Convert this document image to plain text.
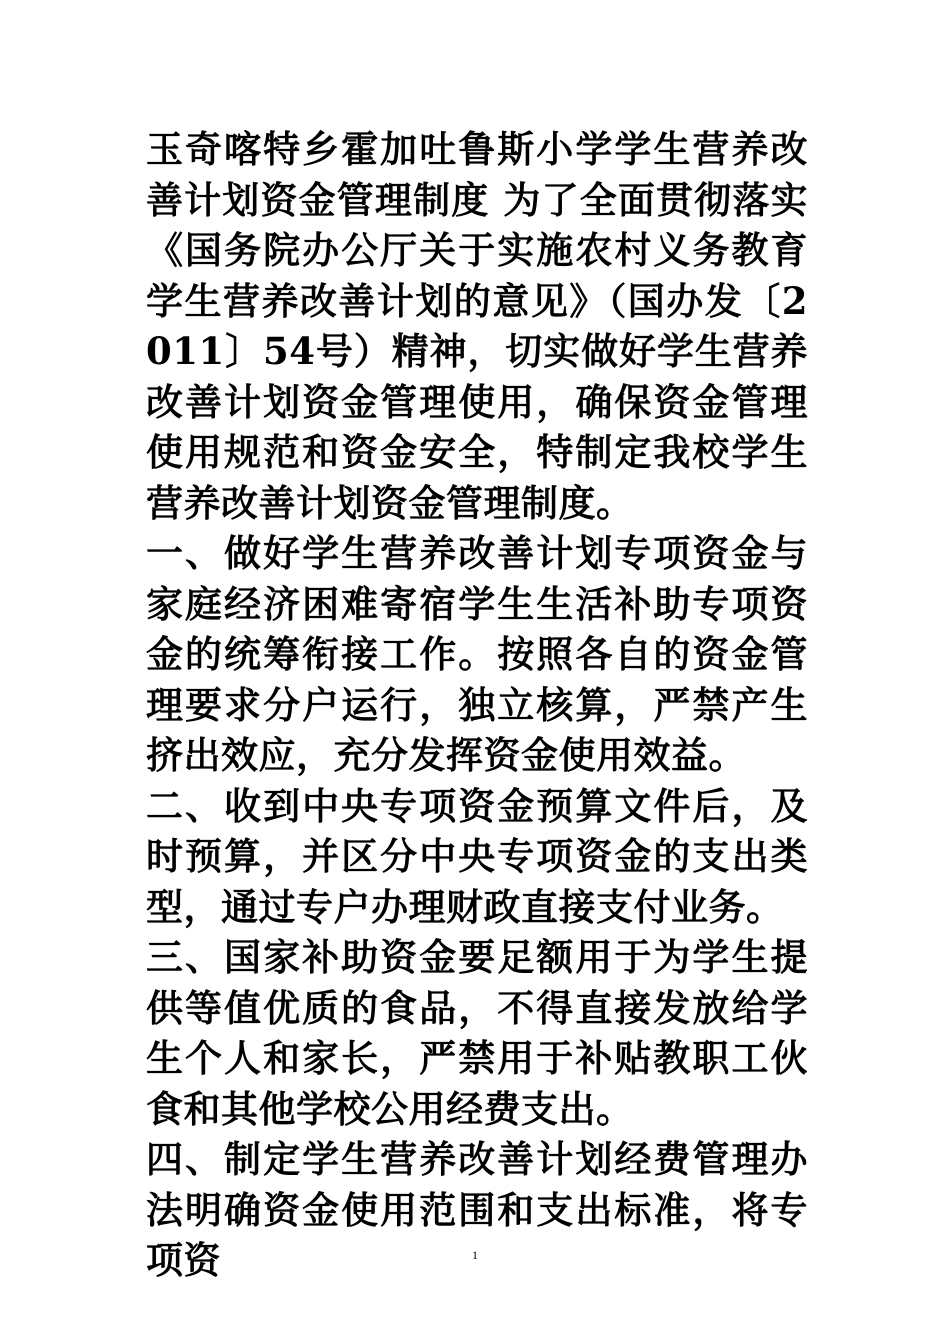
玉奇喀特乡霍加吐鲁斯小学学生营养改善计划资金管理制度 为了全面贯彻落实《国务院办公厅关于实施农村义务教育学生营养改善计划的意见》（国办发〔2011〕54号）精神，切实做好学生营养改善计划资金管理使用，确保资金管理使用规范和资金安全，特制定我校学生营养改善计划资金管理制度。

一、做好学生营养改善计划专项资金与家庭经济困难寄宿学生生活补助专项资金的统筹衔接工作。按照各自的资金管理要求分户运行，独立核算，严禁产生挤出效应，充分发挥资金使用效益。

二、收到中央专项资金预算文件后，及时预算，并区分中央专项资金的支出类型，通过专户办理财政直接支付业务。

三、国家补助资金要足额用于为学生提供等值优质的食品，不得直接发放给学生个人和家长，严禁用于补贴教职工伙食和其他学校公用经费支出。

四、制定学生营养改善计划经费管理办法明确资金使用范围和支出标准，将专项资	1
